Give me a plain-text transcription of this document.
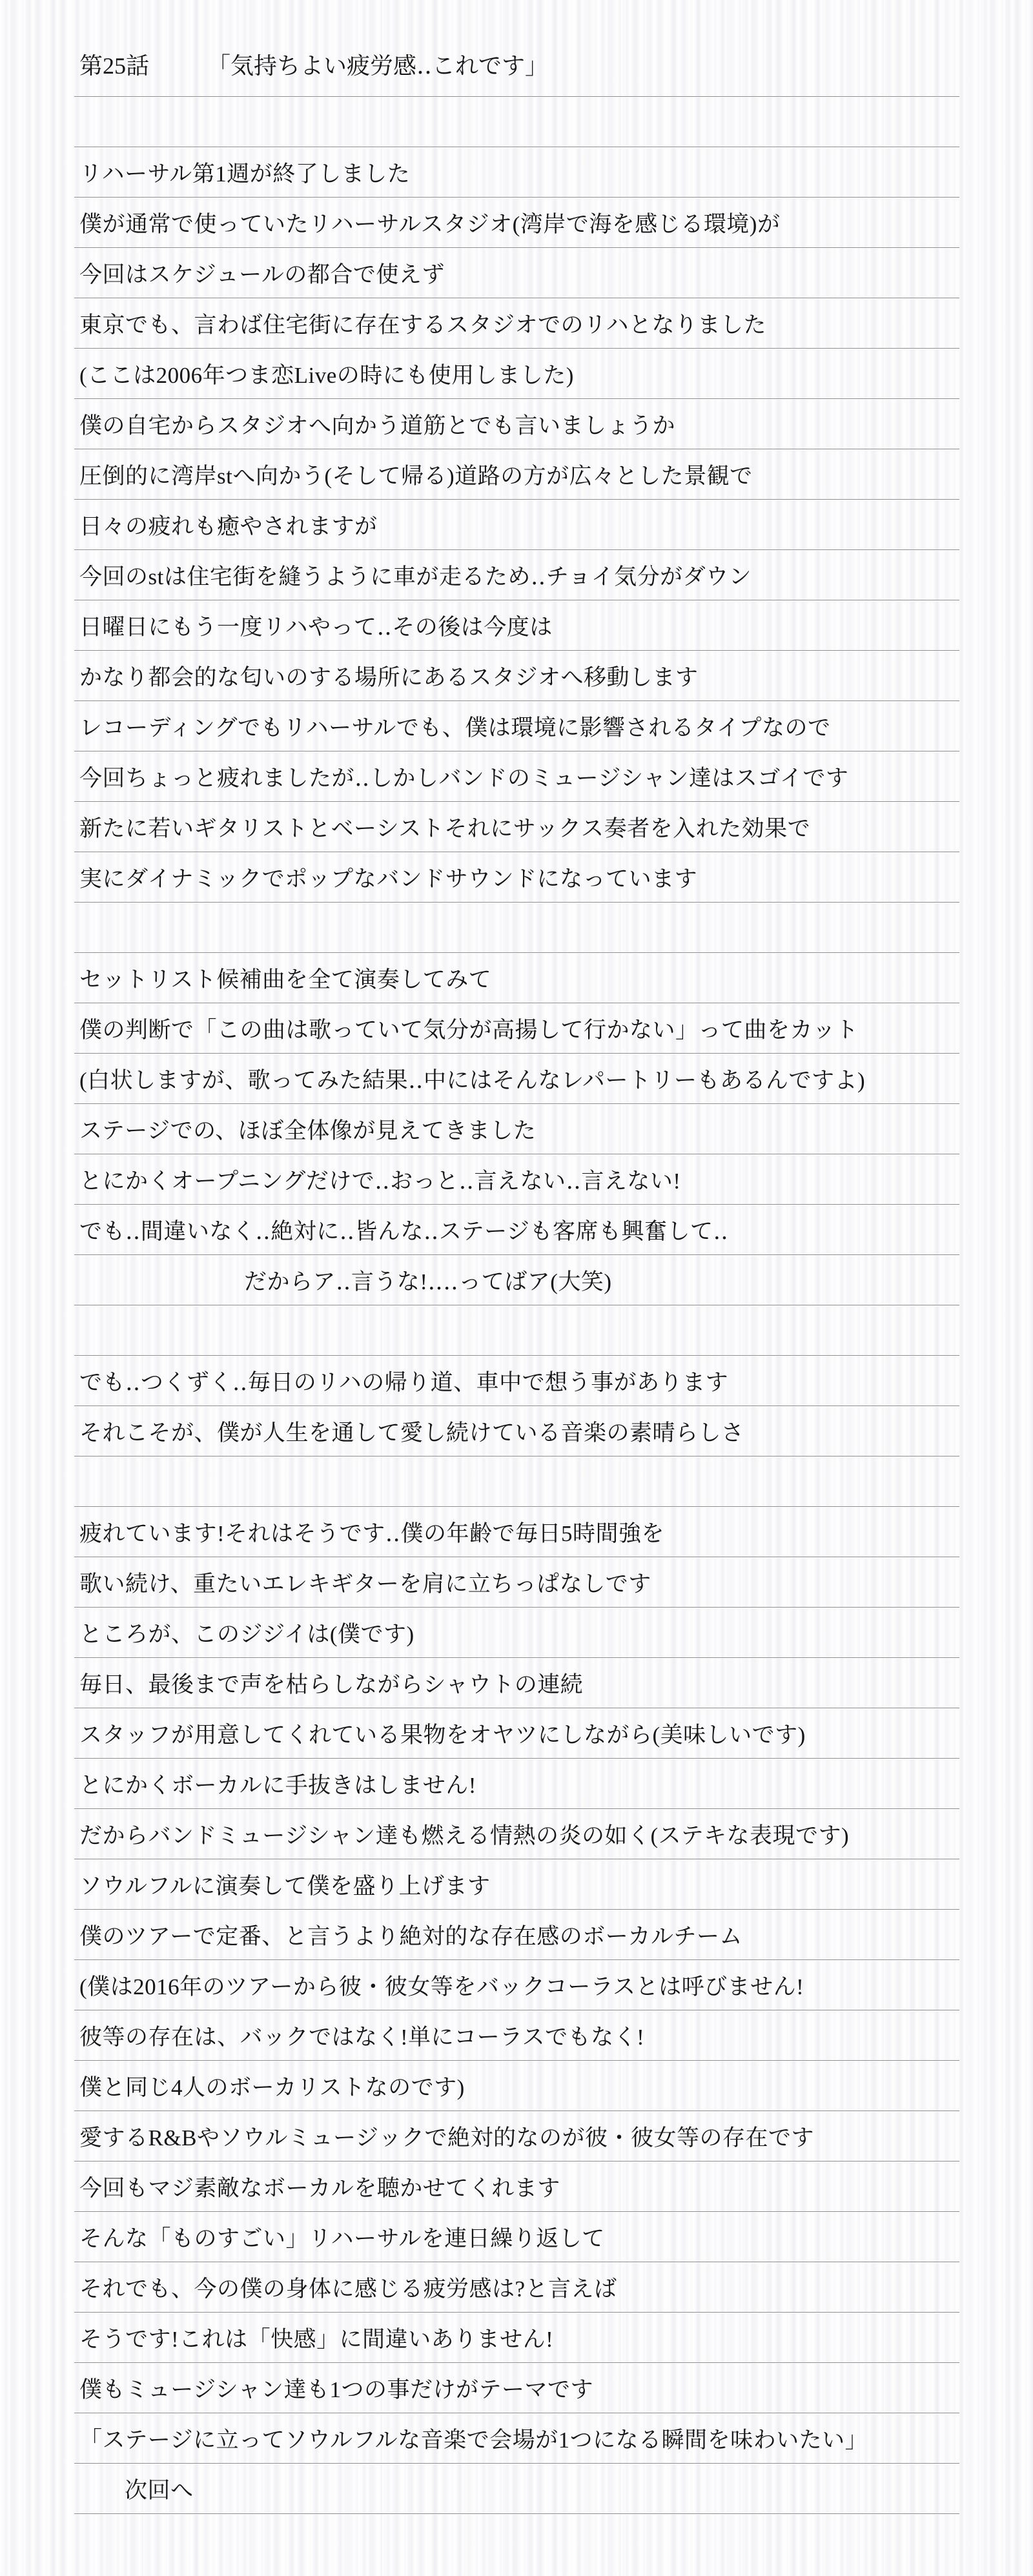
第25話	「気持ちよい疲労感‥これです」
リハーサル第1週が終了しました
僕が通常で使っていたリハーサルスタジオ(湾岸で海を感じる環境)が
今回はスケジュールの都合で使えず
東京でも、言わば住宅街に存在するスタジオでのリハとなりました
(ここは2006年つま恋Liveの時にも使用しました)
僕の自宅からスタジオへ向かう道筋とでも言いましょうか
圧倒的に湾岸stへ向かう(そして帰る)道路の方が広々とした景観で
日々の疲れも癒やされますが
今回のstは住宅街を縫うように車が走るため‥チョイ気分がダウン
日曜日にもう一度リハやって‥その後は今度は
かなり都会的な匂いのする場所にあるスタジオへ移動します
レコーディングでもリハーサルでも、僕は環境に影響されるタイプなので
今回ちょっと疲れましたが‥しかしバンドのミュージシャン達はスゴイです
新たに若いギタリストとベーシストそれにサックス奏者を入れた効果で
実にダイナミックでポップなバンドサウンドになっています
セットリスト候補曲を全て演奏してみて
僕の判断で「この曲は歌っていて気分が高揚して行かない」って曲をカット
(白状しますが、歌ってみた結果‥中にはそんなレパートリーもあるんですよ)
ステージでの、ほぼ全体像が見えてきました
とにかくオープニングだけで‥おっと‥言えない‥言えない!
でも‥間違いなく‥絶対に‥皆んな‥ステージも客席も興奮して‥
だからア‥言うな!‥‥ってばア(大笑)
でも‥つくずく‥毎日のリハの帰り道、車中で想う事があります
それこそが、僕が人生を通して愛し続けている音楽の素晴らしさ
疲れています!それはそうです‥僕の年齢で毎日5時間強を
歌い続け、重たいエレキギターを肩に立ちっぱなしです
ところが、このジジイは(僕です)
毎日、最後まで声を枯らしながらシャウトの連続
スタッフが用意してくれている果物をオヤツにしながら(美味しいです)
とにかくボーカルに手抜きはしません!
だからバンドミュージシャン達も燃える情熱の炎の如く(ステキな表現です)
ソウルフルに演奏して僕を盛り上げます
僕のツアーで定番、と言うより絶対的な存在感のボーカルチーム
(僕は2016年のツアーから彼・彼女等をバックコーラスとは呼びません!
彼等の存在は、バックではなく!単にコーラスでもなく!
僕と同じ4人のボーカリストなのです)
愛するR&Bやソウルミュージックで絶対的なのが彼・彼女等の存在です
今回もマジ素敵なボーカルを聴かせてくれます
そんな「ものすごい」リハーサルを連日繰り返して
それでも、今の僕の身体に感じる疲労感は?と言えば
そうです!これは「快感」に間違いありません!
僕もミュージシャン達も1つの事だけがテーマです
「ステージに立ってソウルフルな音楽で会場が1つになる瞬間を味わいたい」
次回へ
